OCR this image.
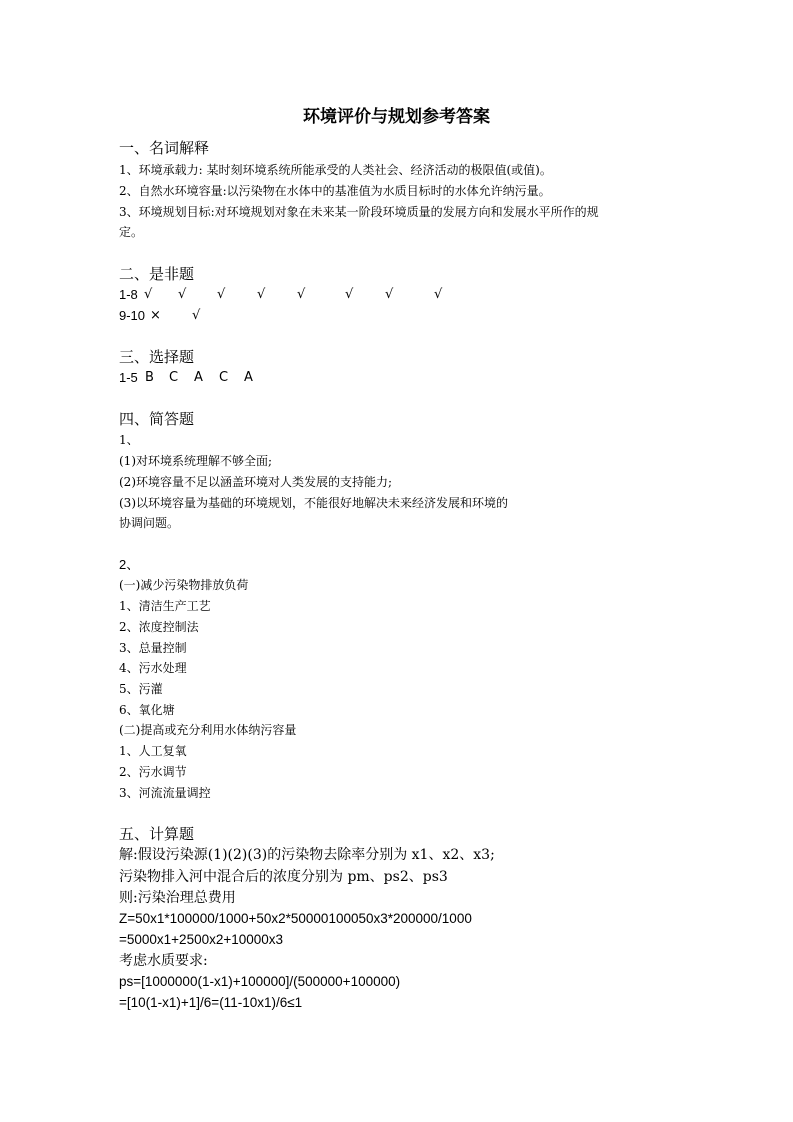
环境评价与规划参考答案
一、名词解释
1、环境承载力: 某时刻环境系统所能承受的人类社会、经济活动的极限值(或值)。
2、自然水环境容量:以污染物在水体中的基准值为水质目标时的水体允许纳污量。
3、环境规划目标:对环境规划对象在未来某一阶段环境质量的发展方向和发展水平所作的规
定。
二、是非题
1-8 √ √ √ √ √	√ √	√
9-10 × √
三、选择题
1-5 B C A C A
四、简答题
1、
(1)对环境系统理解不够全面;
(2)环境容量不足以涵盖环境对人类发展的支持能力;
(3)以环境容量为基础的环境规划，不能很好地解决未来经济发展和环境的
协调问题。
2、
(一)减少污染物排放负荷
1、清洁生产工艺
2、浓度控制法
3、总量控制
4、污水处理
5、污灌
6、氧化塘
(二)提高或充分利用水体纳污容量
1、人工复氧
2、污水调节
3、河流流量调控
五、计算题
解:假设污染源(1)(2)(3)的污染物去除率分别为 x1、x2、x3;
污染物排入河中混合后的浓度分别为 pm、ps2、ps3
则:污染治理总费用
Z=50x1*100000/1000+50x2*50000100050x3*200000/1000
=5000x1+2500x2+10000x3
考虑水质要求:
ps=[1000000(1-x1)+100000]/(500000+100000)
=[10(1-x1)+1]/6=(11-10x1)/6≤1
